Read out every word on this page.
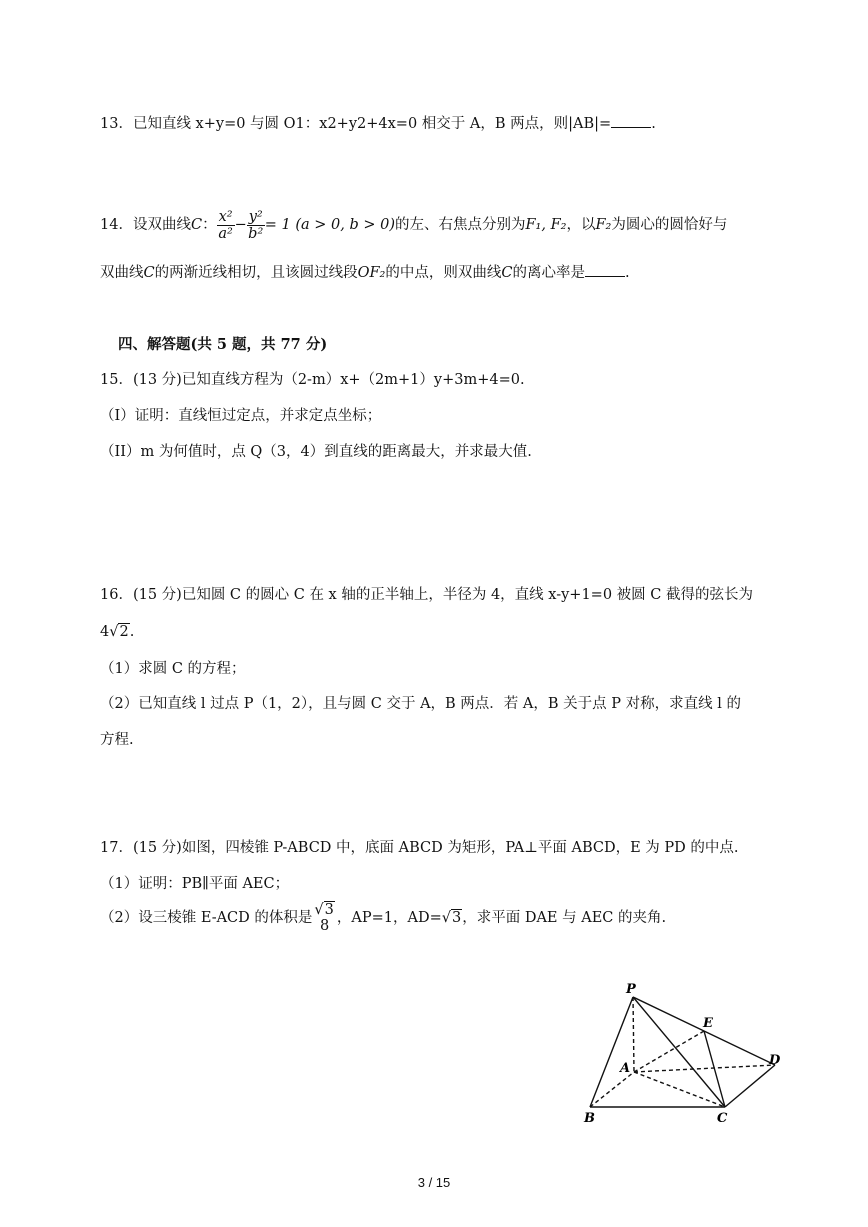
13．已知直线 x+y=0 与圆 O1：x2+y2+4x=0 相交于 A，B 两点，则|AB|=	.
14．设双曲线C： $\frac{\text{x²}}{\text{a²}} - \frac{\text{y²}}{\text{b²}} = 1$ (a > 0, b > 0)的左、右焦点分别为F₁, F₂，以F₂为圆心的圆恰好与
双曲线C的两渐近线相切，且该圆过线段OF₂的中点，则双曲线C的离心率是	.
四、解答题(共 5 题，共 77 分)
15．(13 分)已知直线方程为（2-m）x+（2m+1）y+3m+4=0.
（I）证明：直线恒过定点，并求定点坐标；
（II）m 为何值时，点 Q（3，4）到直线的距离最大，并求最大值.
16．(15 分)已知圆 C 的圆心 C 在 x 轴的正半轴上，半径为 4，直线 x-y+1=0 被圆 C 截得的弦长为
4√2.
（1）求圆 C 的方程；
（2）已知直线 l 过点 P（1，2），且与圆 C 交于 A，B 两点．若 A，B 关于点 P 对称，求直线 l 的
方程.
17．(15 分)如图，四棱锥 P-ABCD 中，底面 ABCD 为矩形，PA⊥平面 ABCD，E 为 PD 的中点.
（1）证明：PB∥平面 AEC；
（2）设三棱锥 E-ACD 的体积是 √3
8 ，AP=1，AD=√3，求平面 DAE 与 AEC 的夹角.
P
E
A
D
B	C
3 / 15
